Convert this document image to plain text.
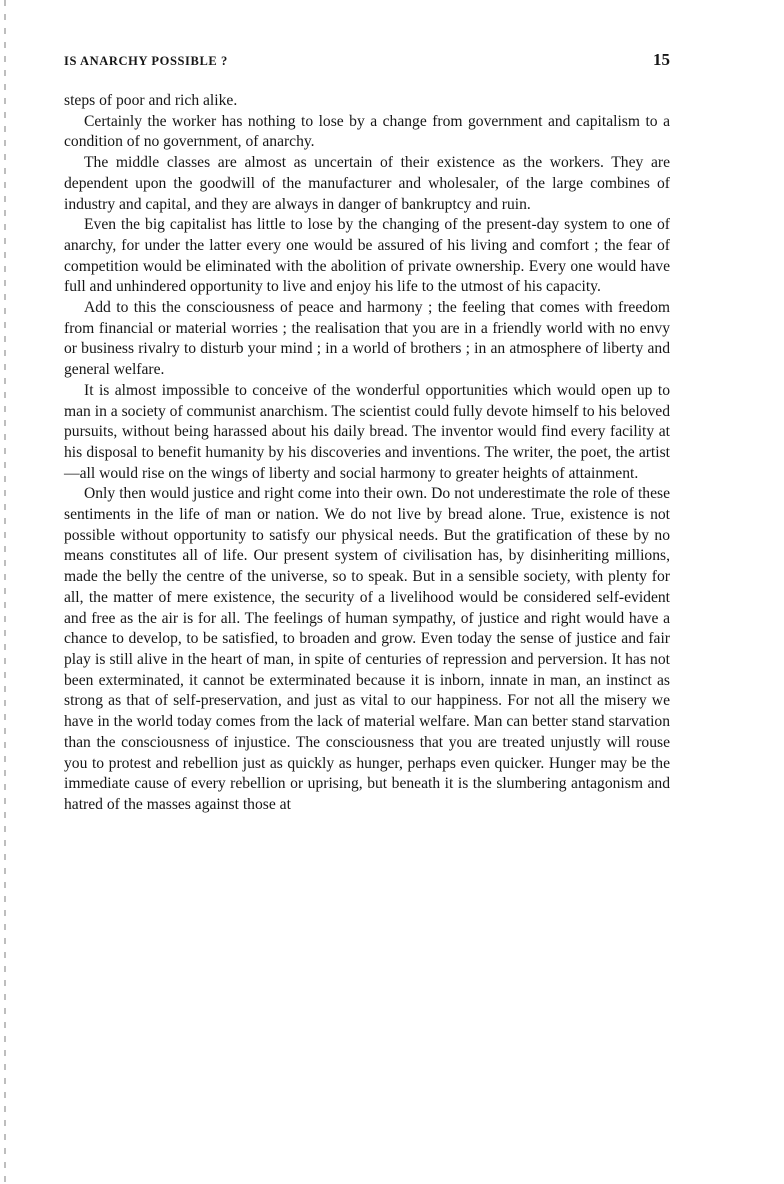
IS ANARCHY POSSIBLE ?	15

steps of poor and rich alike.

Certainly the worker has nothing to lose by a change from government and capitalism to a condition of no government, of anarchy.

The middle classes are almost as uncertain of their existence as the workers. They are dependent upon the goodwill of the manufacturer and wholesaler, of the large combines of industry and capital, and they are always in danger of bankruptcy and ruin.

Even the big capitalist has little to lose by the changing of the present-day system to one of anarchy, for under the latter every one would be assured of his living and comfort ; the fear of competition would be eliminated with the abolition of private ownership. Every one would have full and unhindered opportunity to live and enjoy his life to the utmost of his capacity.

Add to this the consciousness of peace and harmony ; the feeling that comes with freedom from financial or material worries ; the realisation that you are in a friendly world with no envy or business rivalry to disturb your mind ; in a world of brothers ; in an atmosphere of liberty and general welfare.

It is almost impossible to conceive of the wonderful opportunities which would open up to man in a society of communist anarchism. The scientist could fully devote himself to his beloved pursuits, without being harassed about his daily bread. The inventor would find every facility at his disposal to benefit humanity by his discoveries and inventions. The writer, the poet, the artist—all would rise on the wings of liberty and social harmony to greater heights of attainment.

Only then would justice and right come into their own. Do not underestimate the role of these sentiments in the life of man or nation. We do not live by bread alone. True, existence is not possible without opportunity to satisfy our physical needs. But the gratification of these by no means constitutes all of life. Our present system of civilisation has, by disinheriting millions, made the belly the centre of the universe, so to speak. But in a sensible society, with plenty for all, the matter of mere existence, the security of a livelihood would be considered self-evident and free as the air is for all. The feelings of human sympathy, of justice and right would have a chance to develop, to be satisfied, to broaden and grow. Even today the sense of justice and fair play is still alive in the heart of man, in spite of centuries of repression and perversion. It has not been exterminated, it cannot be exterminated because it is inborn, innate in man, an instinct as strong as that of self-preservation, and just as vital to our happiness. For not all the misery we have in the world today comes from the lack of material welfare. Man can better stand starvation than the consciousness of injustice. The consciousness that you are treated unjustly will rouse you to protest and rebellion just as quickly as hunger, perhaps even quicker. Hunger may be the immediate cause of every rebellion or uprising, but beneath it is the slumbering antagonism and hatred of the masses against those at
